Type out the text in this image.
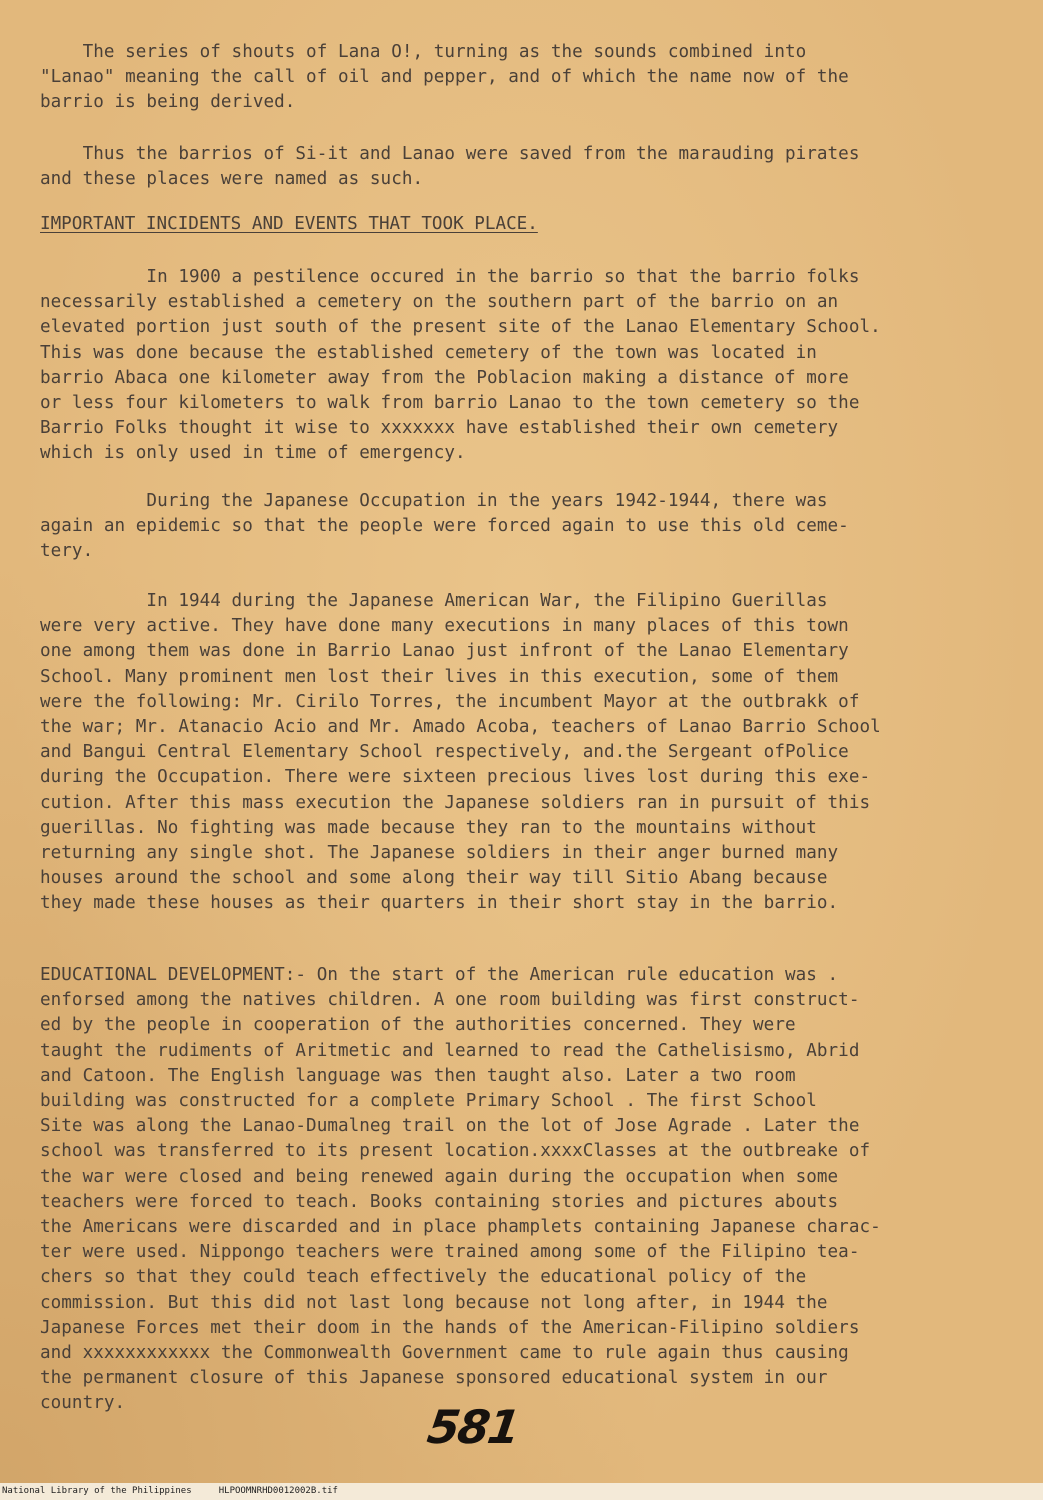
The series of shouts of Lana O!, turning as the sounds combined into
"Lanao" meaning the call of oil and pepper, and of which the name now of the
barrio is being derived.
Thus the barrios of Si-it and Lanao were saved from the marauding pirates
and these places were named as such.
IMPORTANT INCIDENTS AND EVENTS THAT TOOK PLACE.
In 1900 a pestilence occured in the barrio so that the barrio folks
necessarily established a cemetery on the southern part of the barrio on an
elevated portion just south of the present site of the Lanao Elementary School.
This was done because the established cemetery of the town was located in
barrio Abaca one kilometer away from the Poblacion making a distance of more
or less four kilometers to walk from barrio Lanao to the town cemetery so the
Barrio Folks thought it wise to xxxxxxx have established their own cemetery
which is only used in time of emergency.
During the Japanese Occupation in the years 1942-1944, there was
again an epidemic so that the people were forced again to use this old ceme-
tery.
In 1944 during the Japanese American War, the Filipino Guerillas
were very active. They have done many executions in many places of this town
one among them was done in Barrio Lanao just infront of the Lanao Elementary
School. Many prominent men lost their lives in this execution, some of them
were the following: Mr. Cirilo Torres, the incumbent Mayor at the outbrakk of
the war; Mr. Atanacio Acio and Mr. Amado Acoba, teachers of Lanao Barrio School
and Bangui Central Elementary School respectively, and.the Sergeant ofPolice
during the Occupation. There were sixteen precious lives lost during this exe-
cution. After this mass execution the Japanese soldiers ran in pursuit of this
guerillas. No fighting was made because they ran to the mountains without
returning any single shot. The Japanese soldiers in their anger burned many
houses around the school and some along their way till Sitio Abang because
they made these houses as their quarters in their short stay in the barrio.
EDUCATIONAL DEVELOPMENT:- On the start of the American rule education was .
enforsed among the natives children. A one room building was first construct-
ed by the people in cooperation of the authorities concerned. They were
taught the rudiments of Aritmetic and learned to read the Cathelisismo, Abrid
and Catoon. The English language was then taught also. Later a two room
building was constructed for a complete Primary School . The first School
Site was along the Lanao-Dumalneg trail on the lot of Jose Agrade . Later the
school was transferred to its present location.xxxxClasses at the outbreake of
the war were closed and being renewed again during the occupation when some
teachers were forced to teach. Books containing stories and pictures abouts
the Americans were discarded and in place phamplets containing Japanese charac-
ter were used. Nippongo teachers were trained among some of the Filipino tea-
chers so that they could teach effectively the educational policy of the
commission. But this did not last long because not long after, in 1944 the
Japanese Forces met their doom in the hands of the American-Filipino soldiers
and xxxxxxxxxxxx the Commonwealth Government came to rule again thus causing
the permanent closure of this Japanese sponsored educational system in our
country.	581
National Library of the Philippines     HLPOOMNRHD0012002B.tif
